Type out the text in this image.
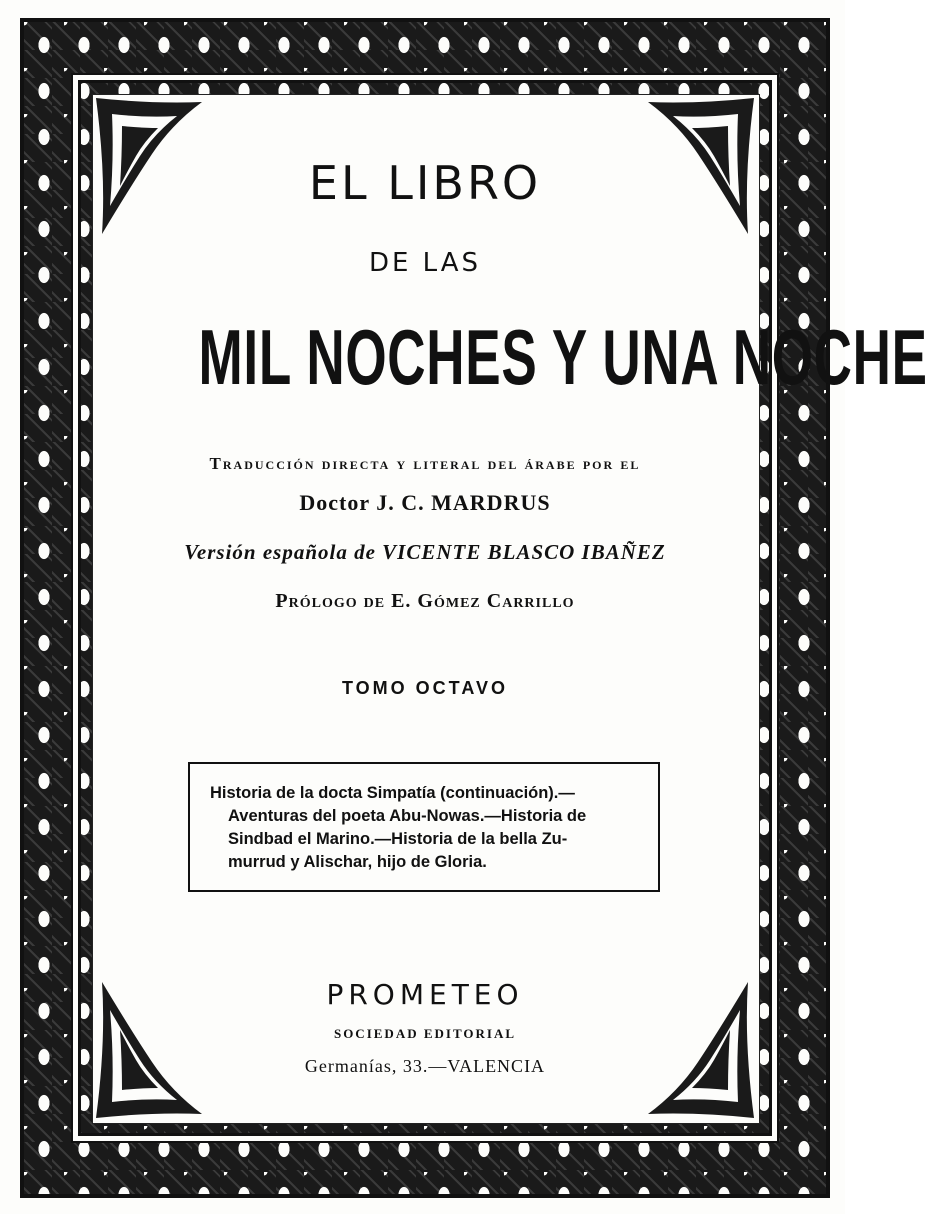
EL LIBRO
DE LAS
MIL NOCHES Y UNA NOCHE
Traducción directa y literal del árabe por el
Doctor J. C. MARDRUS
Versión española de VICENTE BLASCO IBAÑEZ
Prólogo de E. Gómez Carrillo
TOMO OCTAVO
Historia de la docta Simpatía (continuación).—
Aventuras del poeta Abu-Nowas.—Historia de
Sindbad el Marino.—Historia de la bella Zu-
murrud y Alischar, hijo de Gloria.
PROMETEO
SOCIEDAD EDITORIAL
Germanías, 33.—VALENCIA
